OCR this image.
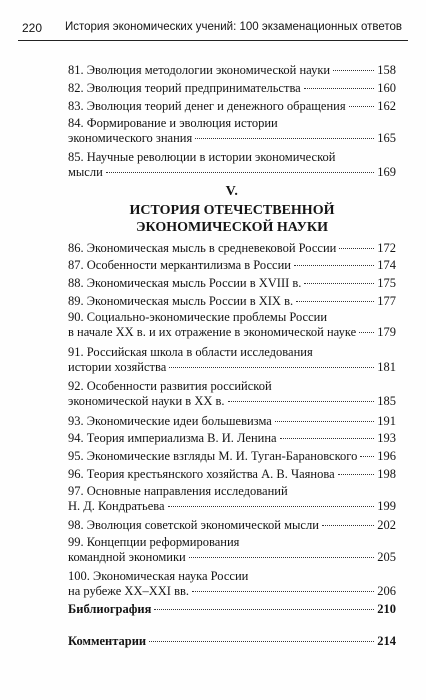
220 История экономических учений: 100 экзаменационных ответов
V.
ИСТОРИЯ ОТЕЧЕСТВЕННОЙ
ЭКОНОМИЧЕСКОЙ НАУКИ
81. Эволюция методологии экономической науки	158
82. Эволюция теорий предпринимательства	160
83. Эволюция теорий денег и денежного обращения	162
84. Формирование и эволюция истории
экономического знания	165
85. Научные революции в истории экономической
мысли	169
86. Экономическая мысль в средневековой России	172
87. Особенности меркантилизма в России	174
88. Экономическая мысль России в XVIII в.	175
89. Экономическая мысль России в XIX в.	177
90. Социально-экономические проблемы России
в начале XX в. и их отражение в экономической науке 179
91. Российская школа в области исследования
истории хозяйства	181
92. Особенности развития российской
экономической науки в XX в.	185
93. Экономические идеи большевизма	191
94. Теория империализма В. И. Ленина	193
95. Экономические взгляды М. И. Туган-Барановского 196
96. Теория крестьянского хозяйства А. В. Чаянова	198
97. Основные направления исследований
Н. Д. Кондратьева	199
98. Эволюция советской экономической мысли	202
99. Концепции реформирования
командной экономики	205
100. Экономическая наука России
на рубеже XX–XXI вв.	206
Библиография	210
Комментарии	214
